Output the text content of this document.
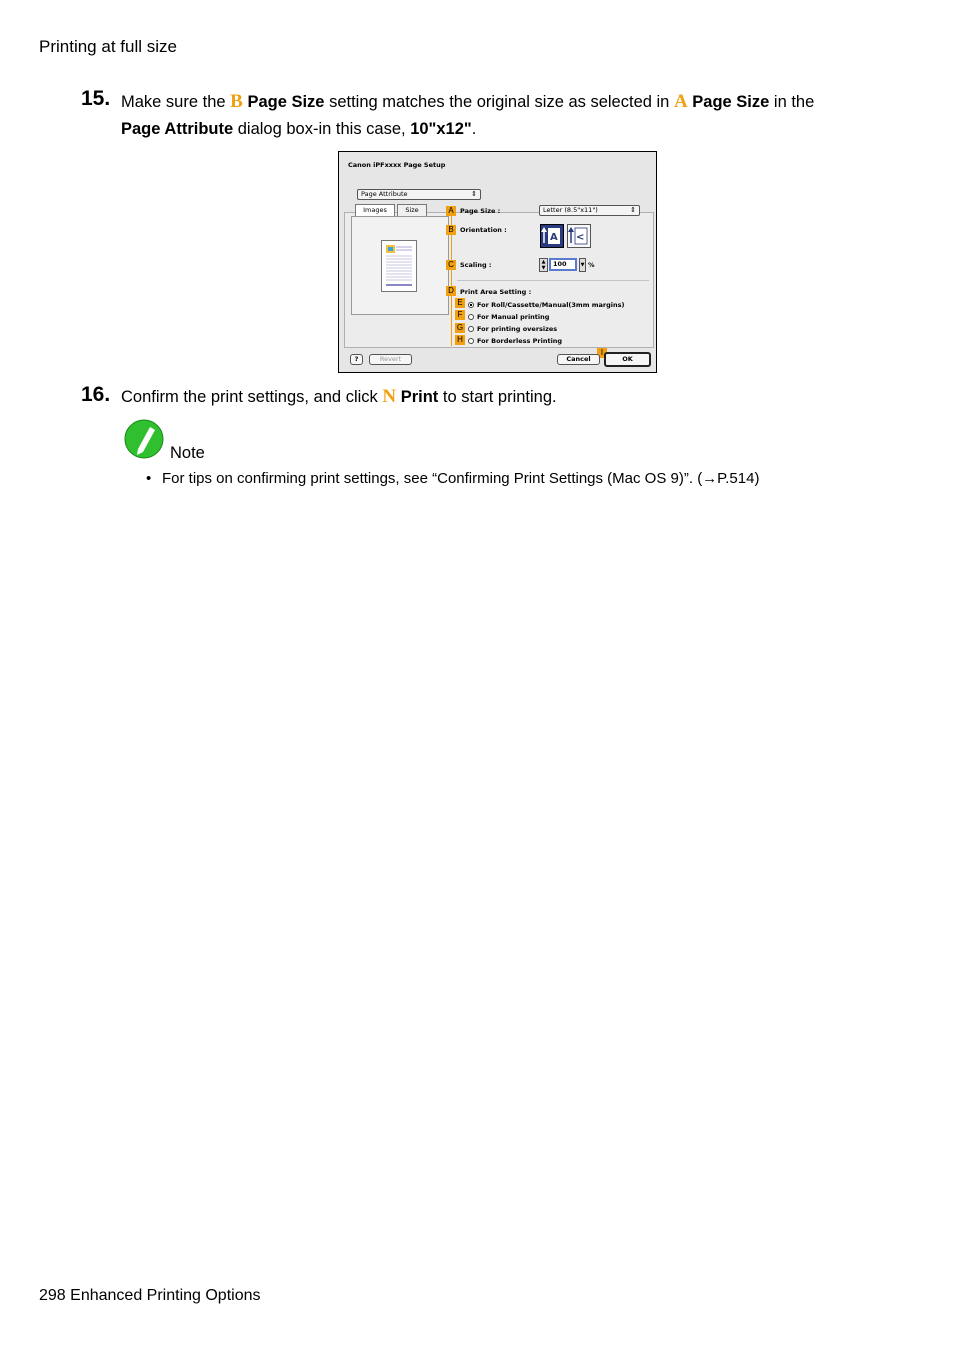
Printing at full size
15. Make sure the B Page Size setting matches the original size as selected in A Page Size in the
Page Attribute dialog box-in this case, 10"x12".
Canon iPFxxxx Page Setup
Page Attribute	⇕
Images	Size	A
B
C
D
E
F
G
H
I
Page Size :	Letter (8.5"x11")	⇕
Orientation :
A <
Scaling :	▲
▼	100	▼ %
Print Area Setting :
For Roll/Cassette/Manual(3mm margins)
For Manual printing
For printing oversizes
For Borderless Printing
?	Revert	Cancel	OK
16. Confirm the print settings, and click N Print to start printing.
Note
• For tips on confirming print settings, see “Confirming Print Settings (Mac OS 9)”. (→P.514)
298 Enhanced Printing Options
